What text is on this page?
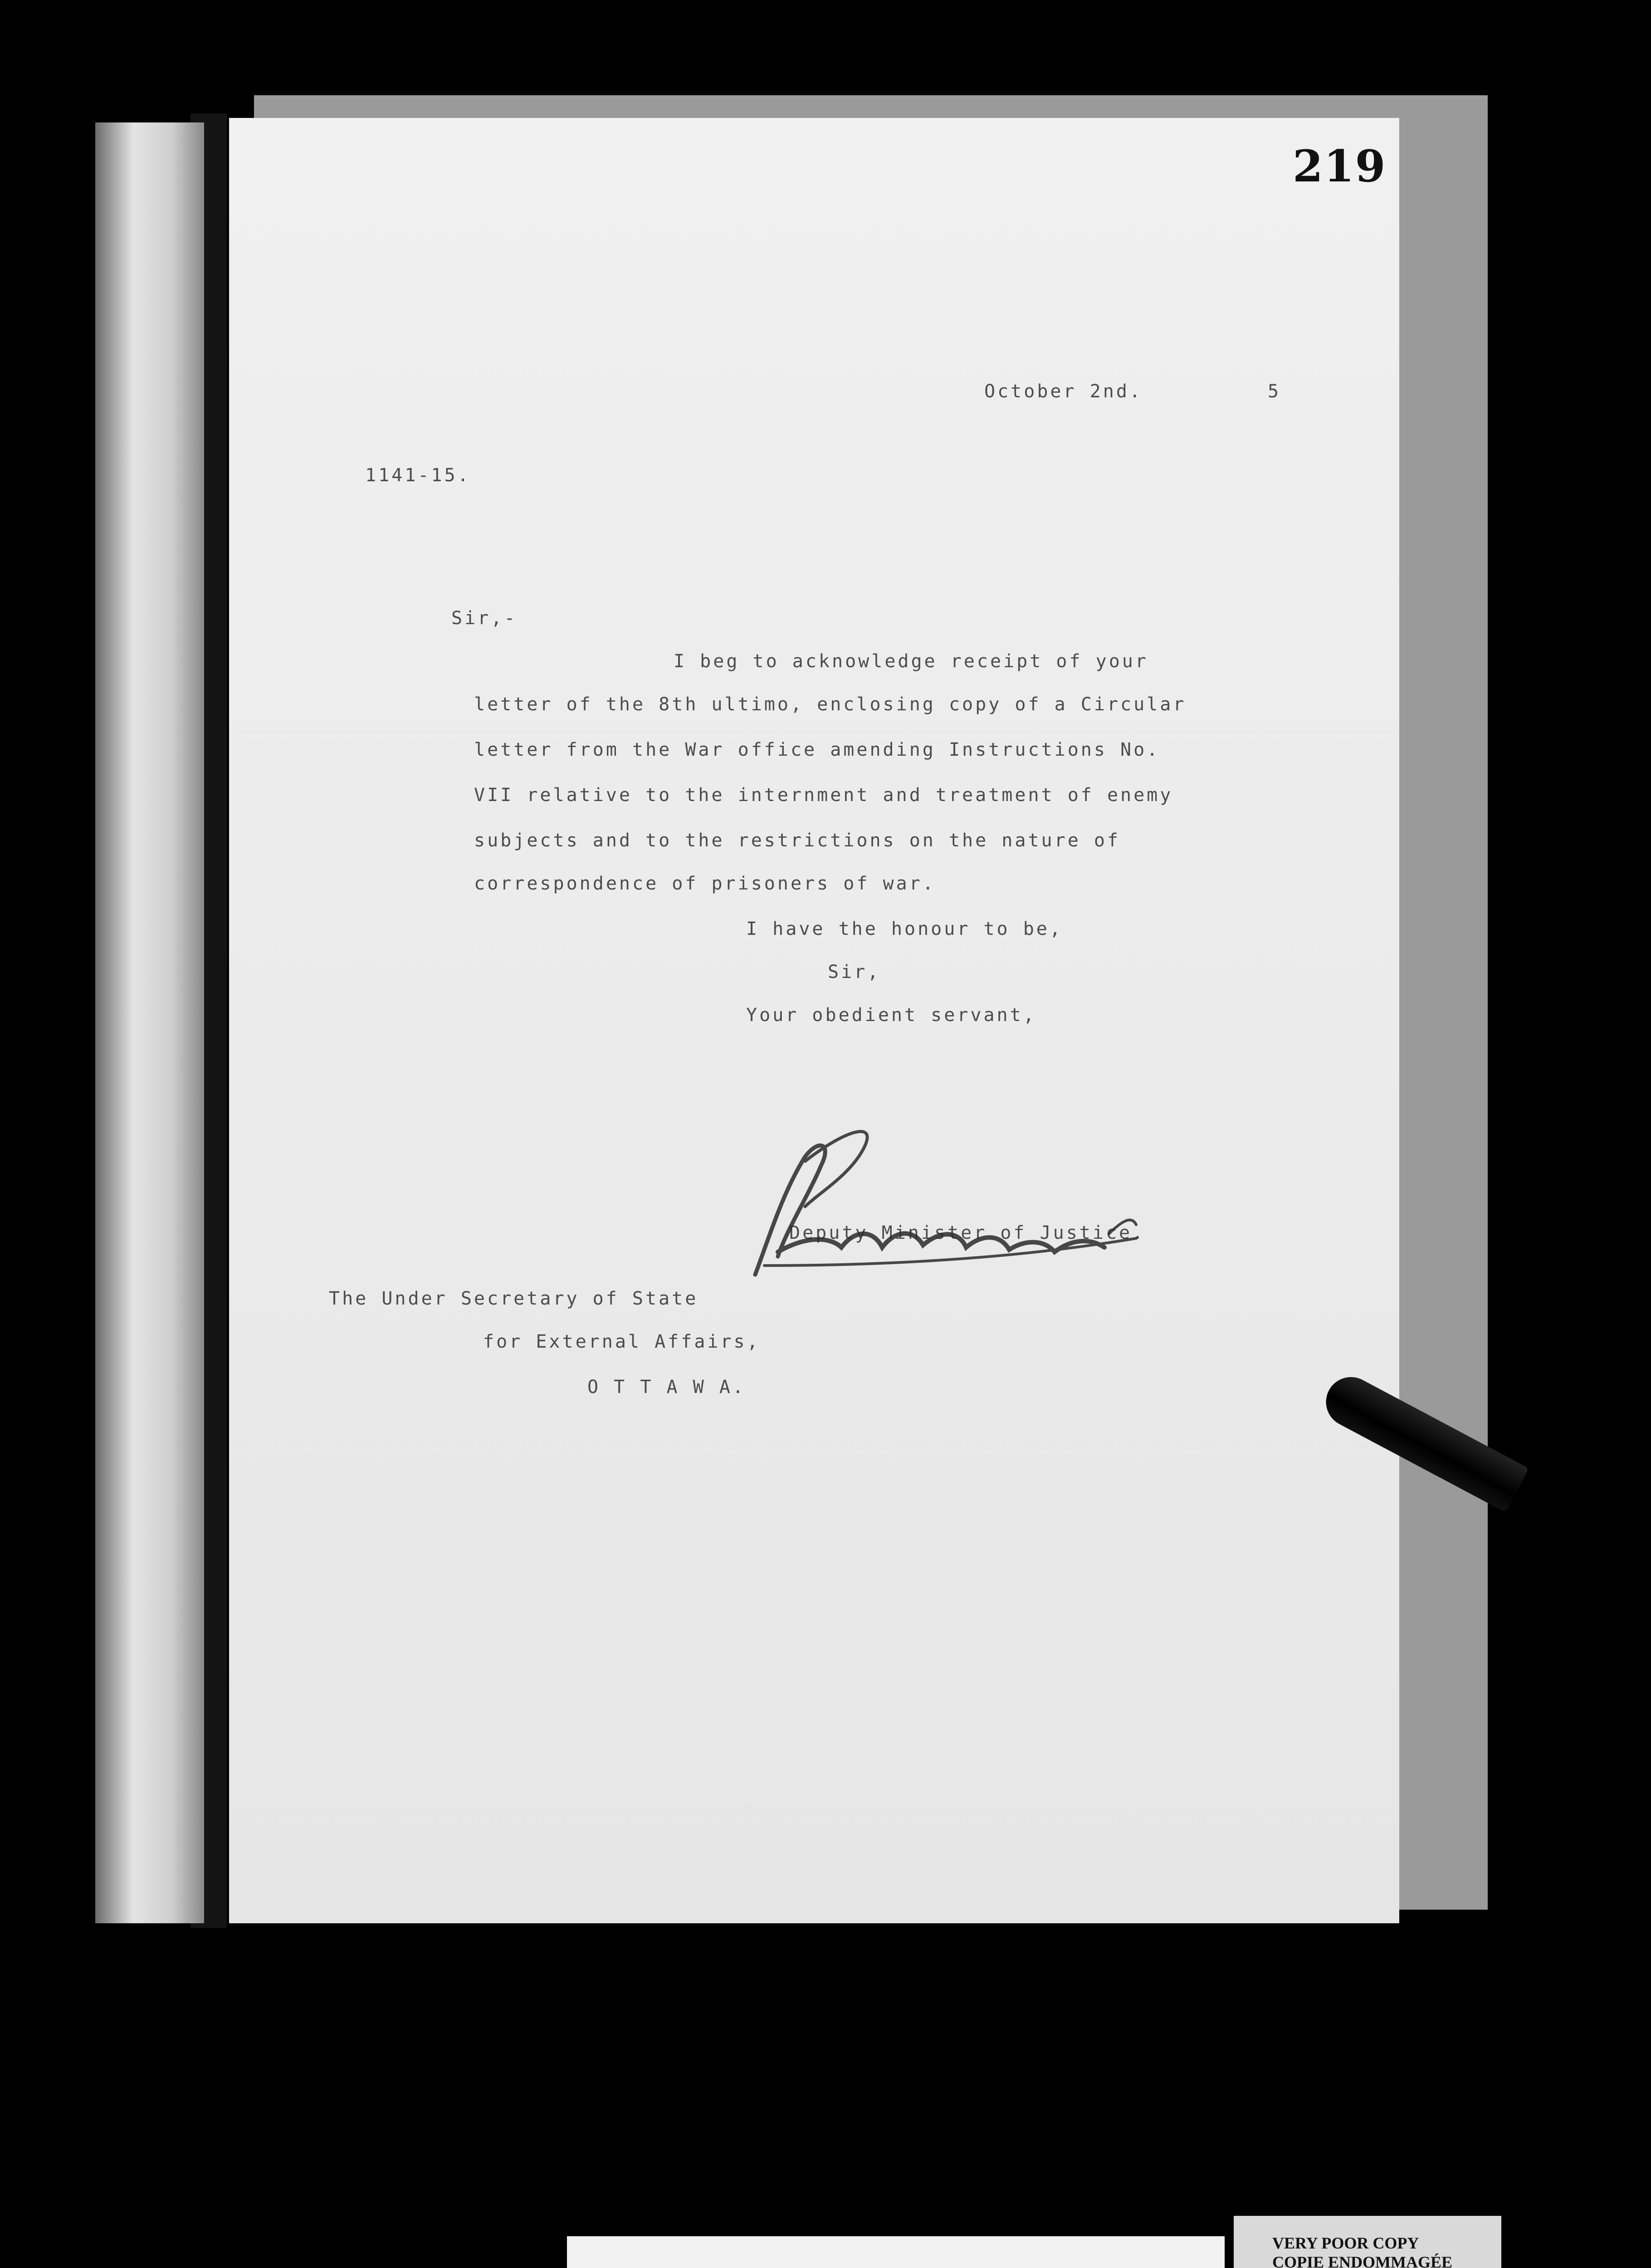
219
October 2nd.	5
1141-15.
Sir,-
I beg to acknowledge receipt of your
letter of the 8th ultimo, enclosing copy of a Circular
letter from the War office amending Instructions No.
VII relative to the internment and treatment of enemy
subjects and to the restrictions on the nature of
correspondence of prisoners of war.
I have the honour to be,
Sir,
Your obedient servant,
Deputy Minister of Justice.
The Under Secretary of State
for External Affairs,
O T T A W A.
VERY POOR COPY
COPIE ENDOMMAGÉE
